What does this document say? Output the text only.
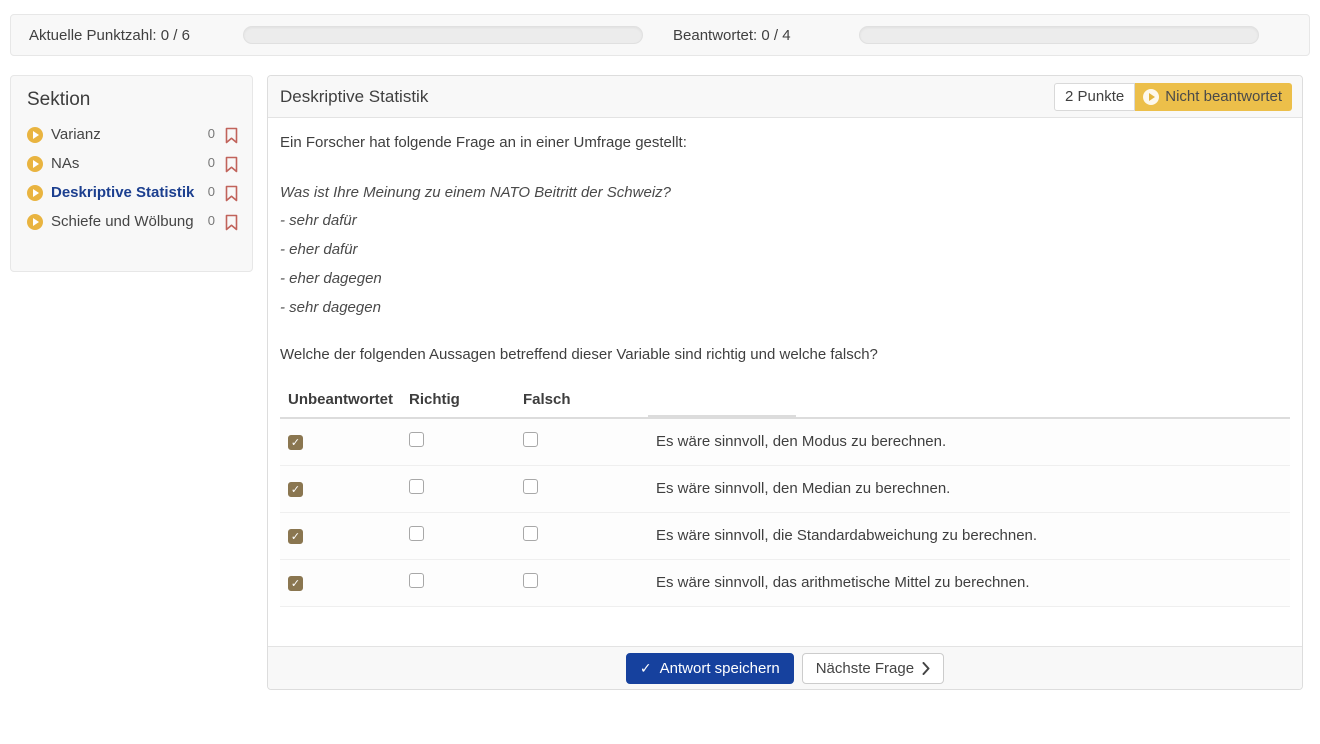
Aktuelle Punktzahl: 0 / 6	Beantwortet: 0 / 4
Sektion
Varianz	0
NAs	0
Deskriptive Statistik	0
Schiefe und Wölbung	0
Deskriptive Statistik	2 Punkte	Nicht beantwortet

Ein Forscher hat folgende Frage an in einer Umfrage gestellt:

Was ist Ihre Meinung zu einem NATO Beitritt der Schweiz?

- sehr dafür

- eher dafür

- eher dagegen

- sehr dagegen

Welche der folgenden Aussagen betreffend dieser Variable sind richtig und welche falsch?

Unbeantwortet	Richtig	Falsch	
✓			Es wäre sinnvoll, den Modus zu berechnen.
✓			Es wäre sinnvoll, den Median zu berechnen.
✓			Es wäre sinnvoll, die Standardabweichung zu berechnen.
✓			Es wäre sinnvoll, das arithmetische Mittel zu berechnen.
✓ Antwort speichern Nächste Frage
